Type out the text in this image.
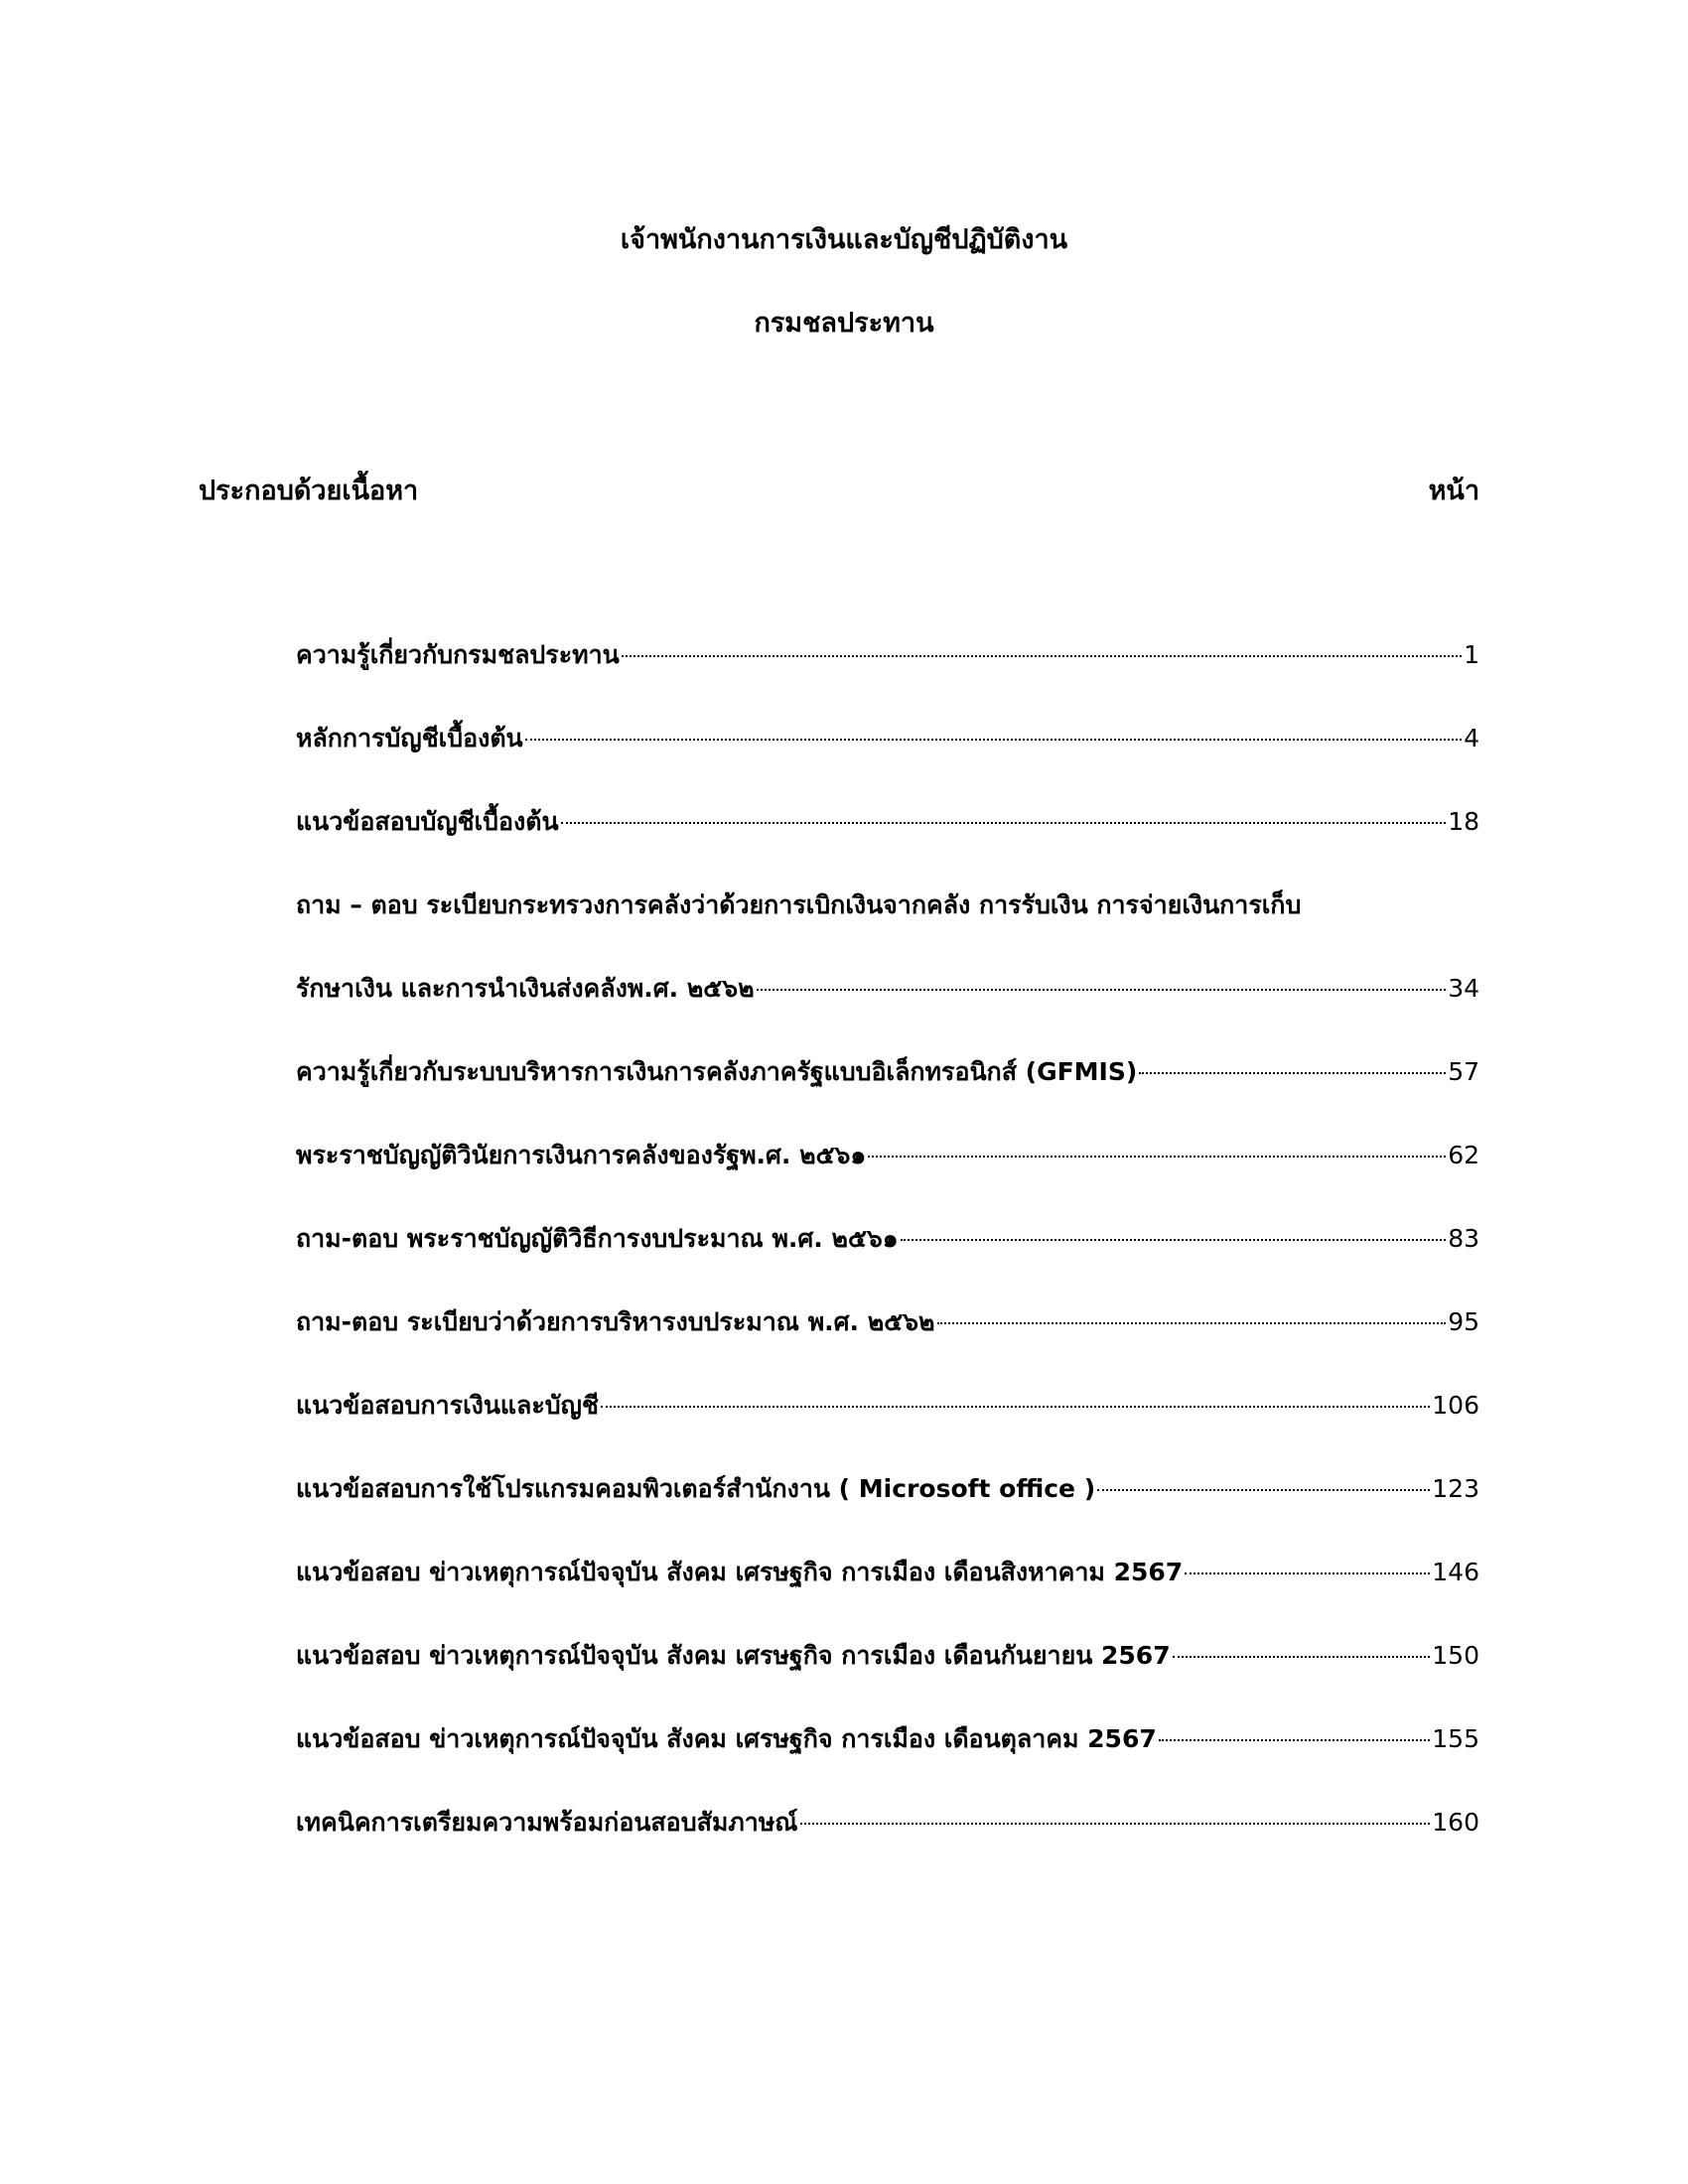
เจ้าพนักงานการเงินและบัญชีปฏิบัติงาน
กรมชลประทาน
ประกอบด้วยเนื้อหา	หน้า
ความรู้เกี่ยวกับกรมชลประทาน	1
หลักการบัญชีเบื้องต้น	4
แนวข้อสอบบัญชีเบื้องต้น	18
ถาม – ตอบ ระเบียบกระทรวงการคลังว่าด้วยการเบิกเงินจากคลัง การรับเงิน การจ่ายเงินการเก็บ
รักษาเงิน และการนำเงินส่งคลังพ.ศ. ๒๕๖๒	34
ความรู้เกี่ยวกับระบบบริหารการเงินการคลังภาครัฐแบบอิเล็กทรอนิกส์ (GFMIS)	57
พระราชบัญญัติวินัยการเงินการคลังของรัฐพ.ศ. ๒๕๖๑	62
ถาม-ตอบ พระราชบัญญัติวิธีการงบประมาณ พ.ศ. ๒๕๖๑	83
ถาม-ตอบ ระเบียบว่าด้วยการบริหารงบประมาณ พ.ศ. ๒๕๖๒	95
แนวข้อสอบการเงินและบัญชี	106
แนวข้อสอบการใช้โปรแกรมคอมพิวเตอร์สำนักงาน ( Microsoft office )	123
แนวข้อสอบ ข่าวเหตุการณ์ปัจจุบัน สังคม เศรษฐกิจ การเมือง เดือนสิงหาคาม 2567	146
แนวข้อสอบ ข่าวเหตุการณ์ปัจจุบัน สังคม เศรษฐกิจ การเมือง เดือนกันยายน 2567	150
แนวข้อสอบ ข่าวเหตุการณ์ปัจจุบัน สังคม เศรษฐกิจ การเมือง เดือนตุลาคม 2567	155
เทคนิคการเตรียมความพร้อมก่อนสอบสัมภาษณ์	160
